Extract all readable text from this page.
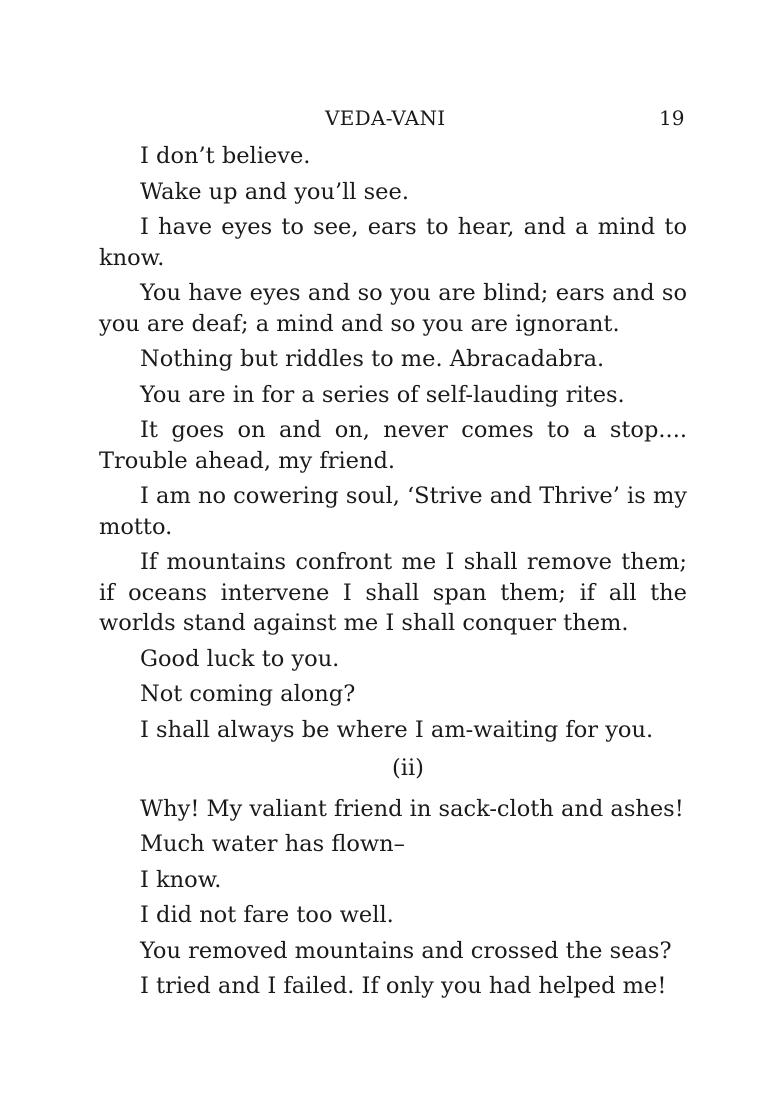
VEDA-VANI	19

I don’t believe.

Wake up and you’ll see.

I have eyes to see, ears to hear, and a mind to know.

You have eyes and so you are blind; ears and so you are deaf; a mind and so you are ignorant.

Nothing but riddles to me. Abracadabra.

You are in for a series of self-lauding rites.

It goes on and on, never comes to a stop.... Trouble ahead, my friend.

I am no cowering soul, ‘Strive and Thrive’ is my motto.

If mountains confront me I shall remove them; if oceans intervene I shall span them; if all the worlds stand against me I shall conquer them.

Good luck to you.

Not coming along?

I shall always be where I am-waiting for you.

(ii)

Why! My valiant friend in sack-cloth and ashes!

Much water has flown–

I know.

I did not fare too well.

You removed mountains and crossed the seas?

I tried and I failed. If only you had helped me!
